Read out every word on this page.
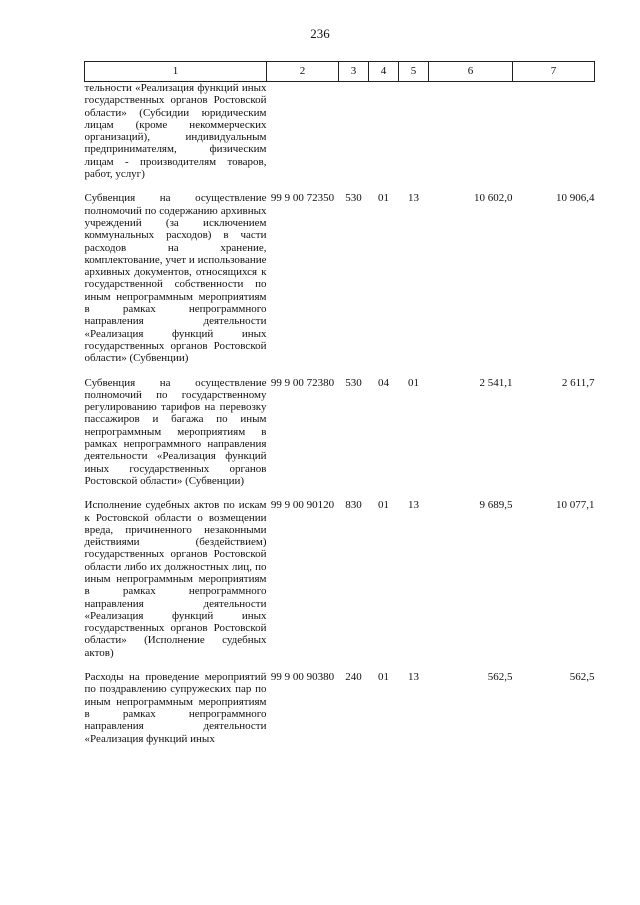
236
1	2	3	4	5	6	7
тельности «Реализация функций иных государственных органов Ростовской области» (Субсидии юридическим лицам (кроме некоммерческих организаций), индивидуальным предпринимателям, физическим лицам - производителям товаров, работ, услуг)						

Субвенция на осуществление полномочий по содержанию архивных учреждений (за исключением коммунальных расходов) в части расходов на хранение, комплектование, учет и использование архивных документов, относящихся к государственной собственности по иным непрограммным мероприятиям в рамках непрограммного направления деятельности «Реализация функций иных государственных органов Ростовской области» (Субвенции)	99 9 00 72350	530	01	13	10 602,0	10 906,4

Субвенция на осуществление полномочий по государственному регулированию тарифов на перевозку пассажиров и багажа по иным непрограммным мероприятиям в рамках непрограммного направления деятельности «Реализация функций иных государственных органов Ростовской области» (Субвенции)	99 9 00 72380	530	04	01	2 541,1	2 611,7

Исполнение судебных актов по искам к Ростовской области о возмещении вреда, причиненного незаконными действиями (бездействием) государственных органов Ростовской области либо их должностных лиц, по иным непрограммным мероприятиям в рамках непрограммного направления деятельности «Реализация функций иных государственных органов Ростовской области» (Исполнение судебных актов)	99 9 00 90120	830	01	13	9 689,5	10 077,1

Расходы на проведение мероприятий по поздравлению супружеских пар по иным непрограммным мероприятиям в рамках непрограммного направления деятельности «Реализация функций иных	99 9 00 90380	240	01	13	562,5	562,5
